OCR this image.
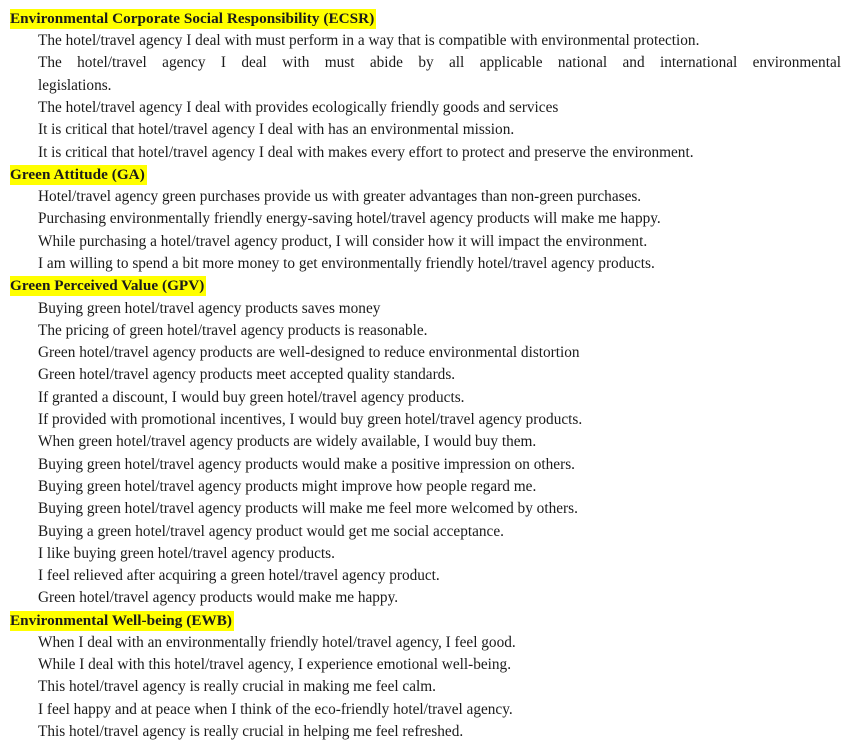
Environmental Corporate Social Responsibility (ECSR)

The hotel/travel agency I deal with must perform in a way that is compatible with environmental protection.

The hotel/travel agency I deal with must abide by all applicable national and international environmental

legislations.

The hotel/travel agency I deal with provides ecologically friendly goods and services

It is critical that hotel/travel agency I deal with has an environmental mission.

It is critical that hotel/travel agency I deal with makes every effort to protect and preserve the environment.

Green Attitude (GA)

Hotel/travel agency green purchases provide us with greater advantages than non-green purchases.

Purchasing environmentally friendly energy-saving hotel/travel agency products will make me happy.

While purchasing a hotel/travel agency product, I will consider how it will impact the environment.

I am willing to spend a bit more money to get environmentally friendly hotel/travel agency products.

Green Perceived Value (GPV)

Buying green hotel/travel agency products saves money

The pricing of green hotel/travel agency products is reasonable.

Green hotel/travel agency products are well-designed to reduce environmental distortion

Green hotel/travel agency products meet accepted quality standards.

If granted a discount, I would buy green hotel/travel agency products.

If provided with promotional incentives, I would buy green hotel/travel agency products.

When green hotel/travel agency products are widely available, I would buy them.

Buying green hotel/travel agency products would make a positive impression on others.

Buying green hotel/travel agency products might improve how people regard me.

Buying green hotel/travel agency products will make me feel more welcomed by others.

Buying a green hotel/travel agency product would get me social acceptance.

I like buying green hotel/travel agency products.

I feel relieved after acquiring a green hotel/travel agency product.

Green hotel/travel agency products would make me happy.

Environmental Well-being (EWB)

When I deal with an environmentally friendly hotel/travel agency, I feel good.

While I deal with this hotel/travel agency, I experience emotional well-being.

This hotel/travel agency is really crucial in making me feel calm.

I feel happy and at peace when I think of the eco-friendly hotel/travel agency.

This hotel/travel agency is really crucial in helping me feel refreshed.
